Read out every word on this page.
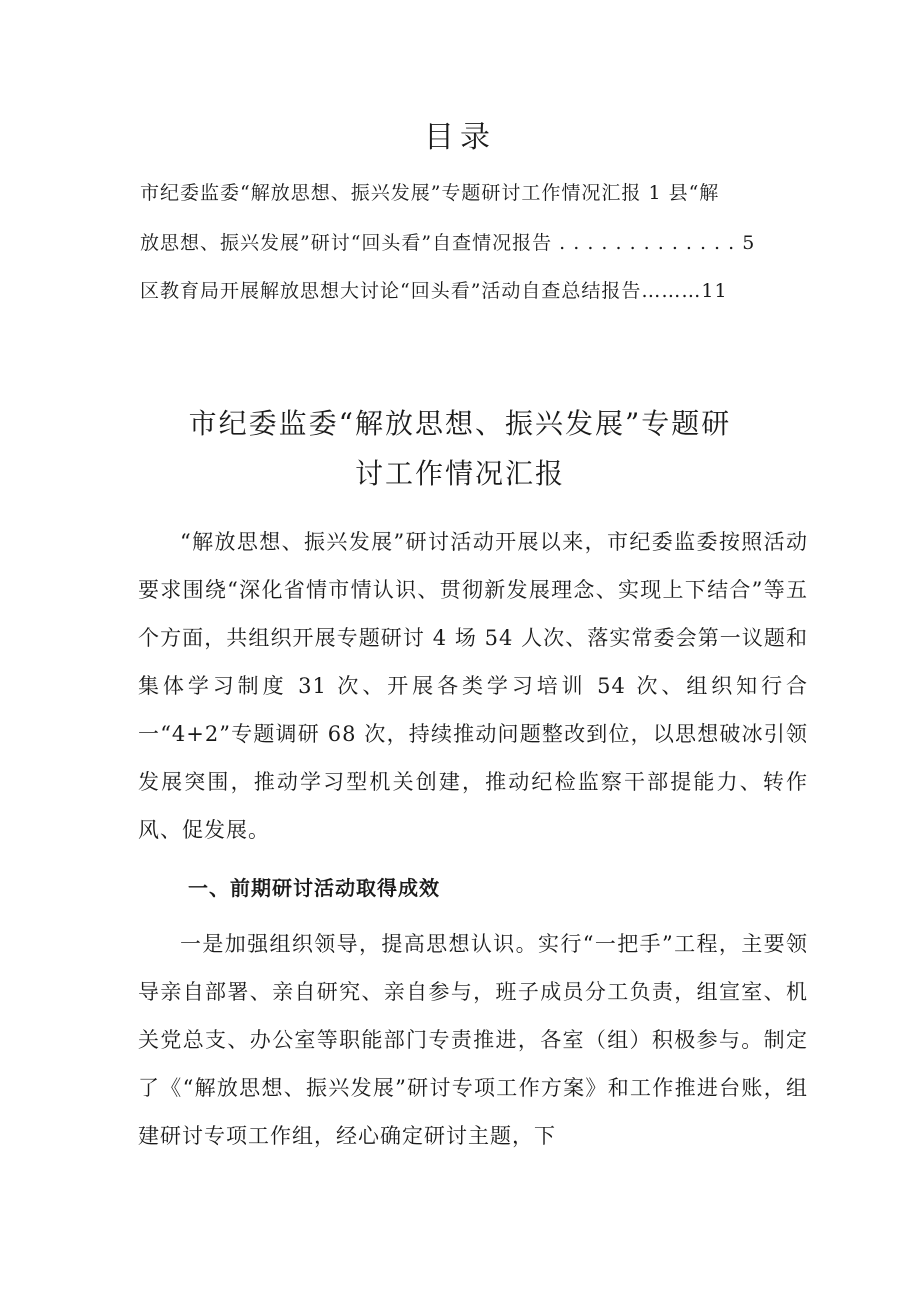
目录
市纪委监委“解放思想、振兴发展”专题研讨工作情况汇报 1 县“解
放思想、振兴发展”研讨“回头看”自查情况报告 . . . . . . . . . . . . . 5
区教育局开展解放思想大讨论“回头看”活动自查总结报告………11
市纪委监委“解放思想、振兴发展”专题研
讨工作情况汇报

“解放思想、振兴发展”研讨活动开展以来，市纪委监委按照活动要求围绕“深化省情市情认识、贯彻新发展理念、实现上下结合”等五个方面，共组织开展专题研讨 4 场 54 人次、落实常委会第一议题和集体学习制度 31 次、开展各类学习培训 54 次、组织知行合一“4+2”专题调研 68 次，持续推动问题整改到位，以思想破冰引领发展突围，推动学习型机关创建，推动纪检监察干部提能力、转作风、促发展。

一、前期研讨活动取得成效

一是加强组织领导，提高思想认识。实行“一把手”工程，主要领导亲自部署、亲自研究、亲自参与，班子成员分工负责，组宣室、机关党总支、办公室等职能部门专责推进，各室（组）积极参与。制定了《“解放思想、振兴发展”研讨专项工作方案》和工作推进台账，组建研讨专项工作组，经心确定研讨主题，下
